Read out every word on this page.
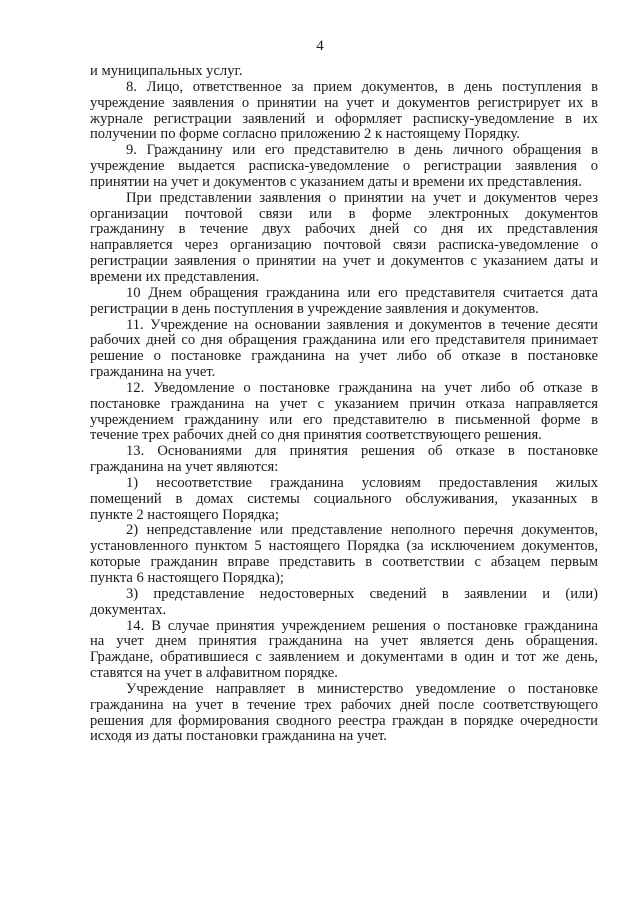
4
и муниципальных услуг.
8. Лицо, ответственное за прием документов, в день поступления в
учреждение заявления о принятии на учет и документов регистрирует их в
журнале регистрации заявлений и оформляет расписку-уведомление в их
получении по форме согласно приложению 2 к настоящему Порядку.
9. Гражданину или его представителю в день личного обращения в
учреждение выдается расписка-уведомление о регистрации заявления о
принятии на учет и документов с указанием даты и времени их представления.
При представлении заявления о принятии на учет и документов через
организации почтовой связи или в форме электронных документов
гражданину в течение двух рабочих дней со дня их представления
направляется через организацию почтовой связи расписка-уведомление о
регистрации заявления о принятии на учет и документов с указанием даты и
времени их представления.
10 Днем обращения гражданина или его представителя считается дата
регистрации в день поступления в учреждение заявления и документов.
11. Учреждение на основании заявления и документов в течение десяти
рабочих дней со дня обращения гражданина или его представителя принимает
решение о постановке гражданина на учет либо об отказе в постановке
гражданина на учет.
12. Уведомление о постановке гражданина на учет либо об отказе в
постановке гражданина на учет с указанием причин отказа направляется
учреждением гражданину или его представителю в письменной форме в
течение трех рабочих дней со дня принятия соответствующего решения.
13. Основаниями для принятия решения об отказе в постановке
гражданина на учет являются:
1) несоответствие гражданина условиям предоставления жилых
помещений в домах системы социального обслуживания, указанных в
пункте 2 настоящего Порядка;
2) непредставление или представление неполного перечня документов,
установленного пунктом 5 настоящего Порядка (за исключением документов,
которые гражданин вправе представить в соответствии с абзацем первым
пункта 6 настоящего Порядка);
3) представление недостоверных сведений в заявлении и (или)
документах.
14. В случае принятия учреждением решения о постановке гражданина
на учет днем принятия гражданина на учет является день обращения.
Граждане, обратившиеся с заявлением и документами в один и тот же день,
ставятся на учет в алфавитном порядке.
Учреждение направляет в министерство уведомление о постановке
гражданина на учет в течение трех рабочих дней после соответствующего
решения для формирования сводного реестра граждан в порядке очередности
исходя из даты постановки гражданина на учет.
